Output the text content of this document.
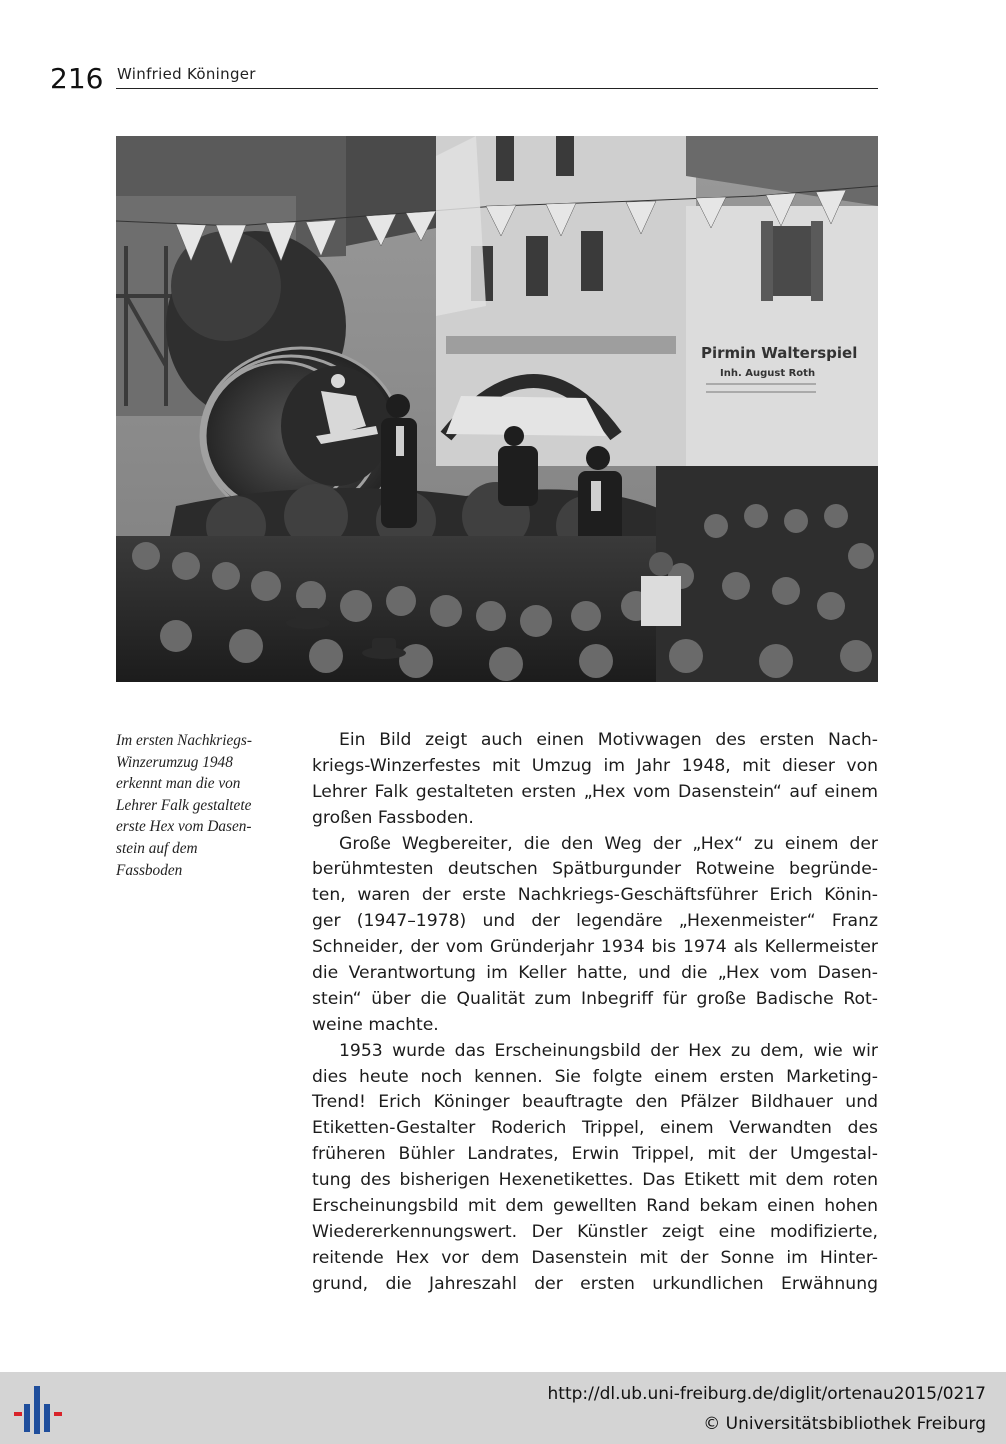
216 Winfried Köninger
Pirmin Walterspiel
Inh. August Roth
Im ersten Nachkriegs-
Winzerumzug 1948
erkennt man die von
Lehrer Falk gestaltete
erste Hex vom Dasen-
stein auf dem
Fassboden
Ein Bild zeigt auch einen Motivwagen des ersten Nach-
kriegs-Winzerfestes mit Umzug im Jahr 1948, mit dieser von
Lehrer Falk gestalteten ersten „Hex vom Dasenstein“ auf einem
großen Fassboden.
Große Wegbereiter, die den Weg der „Hex“ zu einem der
berühmtesten deutschen Spätburgunder Rotweine begründe-
ten, waren der erste Nachkriegs-Geschäftsführer Erich Könin-
ger (1947–1978) und der legendäre „Hexenmeister“ Franz
Schneider, der vom Gründerjahr 1934 bis 1974 als Kellermeister
die Verantwortung im Keller hatte, und die „Hex vom Dasen-
stein“ über die Qualität zum Inbegriff für große Badische Rot-
weine machte.
1953 wurde das Erscheinungsbild der Hex zu dem, wie wir
dies heute noch kennen. Sie folgte einem ersten Marketing-
Trend! Erich Köninger beauftragte den Pfälzer Bildhauer und
Etiketten-Gestalter Roderich Trippel, einem Verwandten des
früheren Bühler Landrates, Erwin Trippel, mit der Umgestal-
tung des bisherigen Hexenetikettes. Das Etikett mit dem roten
Erscheinungsbild mit dem gewellten Rand bekam einen hohen
Wiedererkennungswert. Der Künstler zeigt eine modifizierte,
reitende Hex vor dem Dasenstein mit der Sonne im Hinter-
grund, die Jahreszahl der ersten urkundlichen Erwähnung
http://dl.ub.uni-freiburg.de/diglit/ortenau2015/0217
© Universitätsbibliothek Freiburg
